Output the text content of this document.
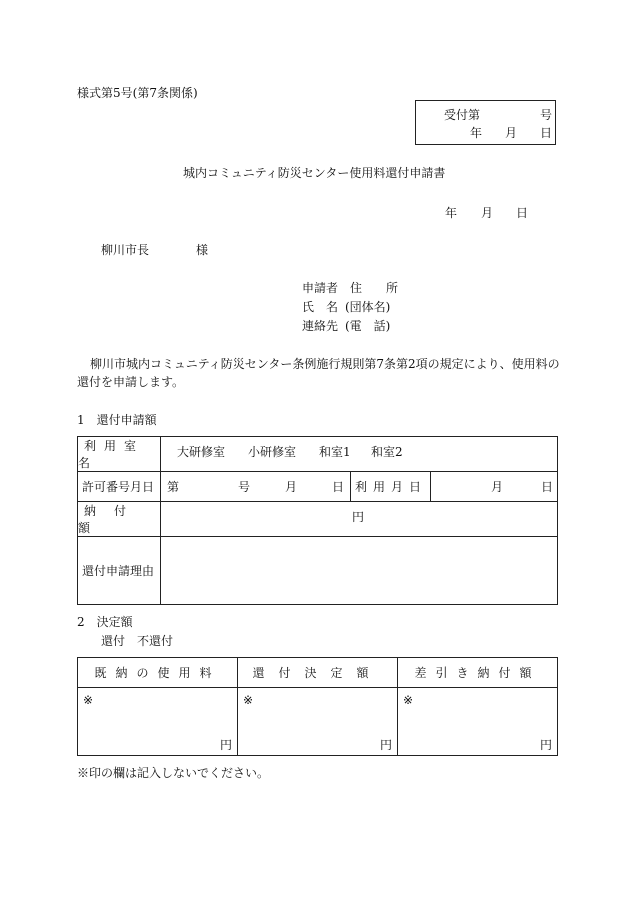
様式第5号(第7条関係)
受付第	号
年 月 日
城内コミュニティ防災センター使用料還付申請書
年 月 日
柳川市長	様
申請者 住　　所
氏　名 (団体名)
連絡先 (電　話)
柳川市城内コミュニティ防災センター条例施行規則第7条第2項の規定により、使用料の
還付を申請します。
1　還付申請額
利用室名	大研修室 小研修室 和室1 和室2		

許可番号月日	第 号 月 日	利用月日	月 日

納付額	円		

還付申請理由			
2　決定額
還付　不還付
既納の使用料	還付決定額	差引き納付額

※
円	※
円	※
円
※印の欄は記入しないでください。
